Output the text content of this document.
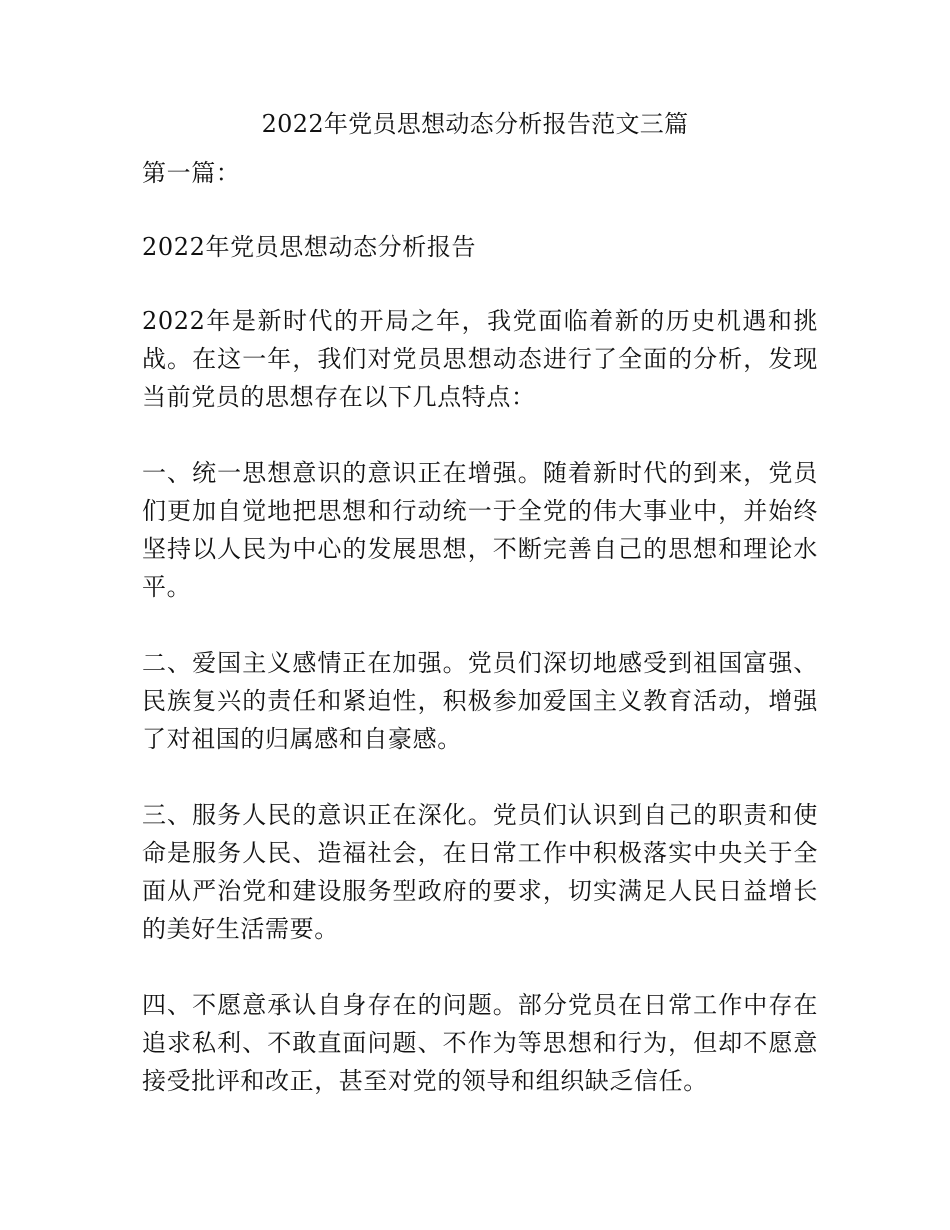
2022年党员思想动态分析报告范文三篇

第一篇：

2022年党员思想动态分析报告

2022年是新时代的开局之年，我党面临着新的历史机遇和挑战。在这一年，我们对党员思想动态进行了全面的分析，发现当前党员的思想存在以下几点特点：

一、统一思想意识的意识正在增强。随着新时代的到来，党员们更加自觉地把思想和行动统一于全党的伟大事业中，并始终坚持以人民为中心的发展思想，不断完善自己的思想和理论水平。

二、爱国主义感情正在加强。党员们深切地感受到祖国富强、民族复兴的责任和紧迫性，积极参加爱国主义教育活动，增强了对祖国的归属感和自豪感。

三、服务人民的意识正在深化。党员们认识到自己的职责和使命是服务人民、造福社会，在日常工作中积极落实中央关于全面从严治党和建设服务型政府的要求，切实满足人民日益增长的美好生活需要。

四、不愿意承认自身存在的问题。部分党员在日常工作中存在追求私利、不敢直面问题、不作为等思想和行为，但却不愿意接受批评和改正，甚至对党的领导和组织缺乏信任。
